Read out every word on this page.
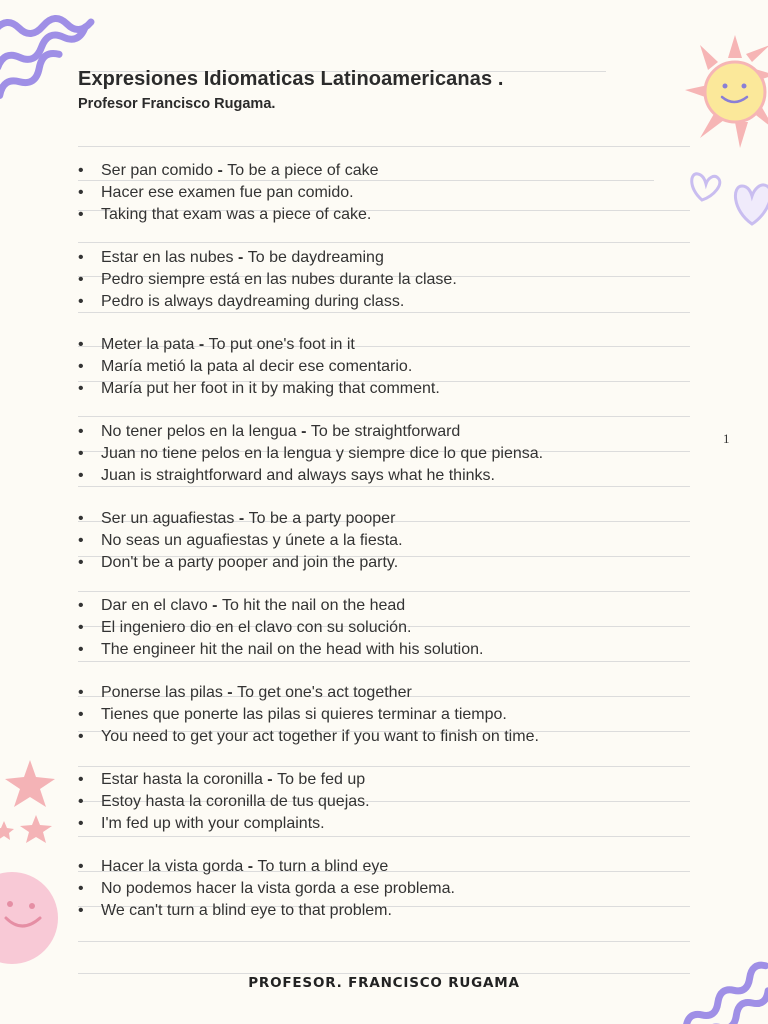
Expresiones Idiomaticas Latinoamericanas .
Profesor Francisco Rugama.
• Ser pan comido - To be a piece of cake
• Hacer ese examen fue pan comido.
• Taking that exam was a piece of cake.
• Estar en las nubes - To be daydreaming
• Pedro siempre está en las nubes durante la clase.
• Pedro is always daydreaming during class.
• Meter la pata - To put one's foot in it
• María metió la pata al decir ese comentario.
• María put her foot in it by making that comment.
• No tener pelos en la lengua - To be straightforward
• Juan no tiene pelos en la lengua y siempre dice lo que piensa.
• Juan is straightforward and always says what he thinks.
• Ser un aguafiestas - To be a party pooper
• No seas un aguafiestas y únete a la fiesta.
• Don't be a party pooper and join the party.
• Dar en el clavo - To hit the nail on the head
• El ingeniero dio en el clavo con su solución.
• The engineer hit the nail on the head with his solution.
• Ponerse las pilas - To get one's act together
• Tienes que ponerte las pilas si quieres terminar a tiempo.
• You need to get your act together if you want to finish on time.
• Estar hasta la coronilla - To be fed up
• Estoy hasta la coronilla de tus quejas.
• I'm fed up with your complaints.
• Hacer la vista gorda - To turn a blind eye
• No podemos hacer la vista gorda a ese problema.
• We can't turn a blind eye to that problem.
1
PROFESOR. FRANCISCO RUGAMA
